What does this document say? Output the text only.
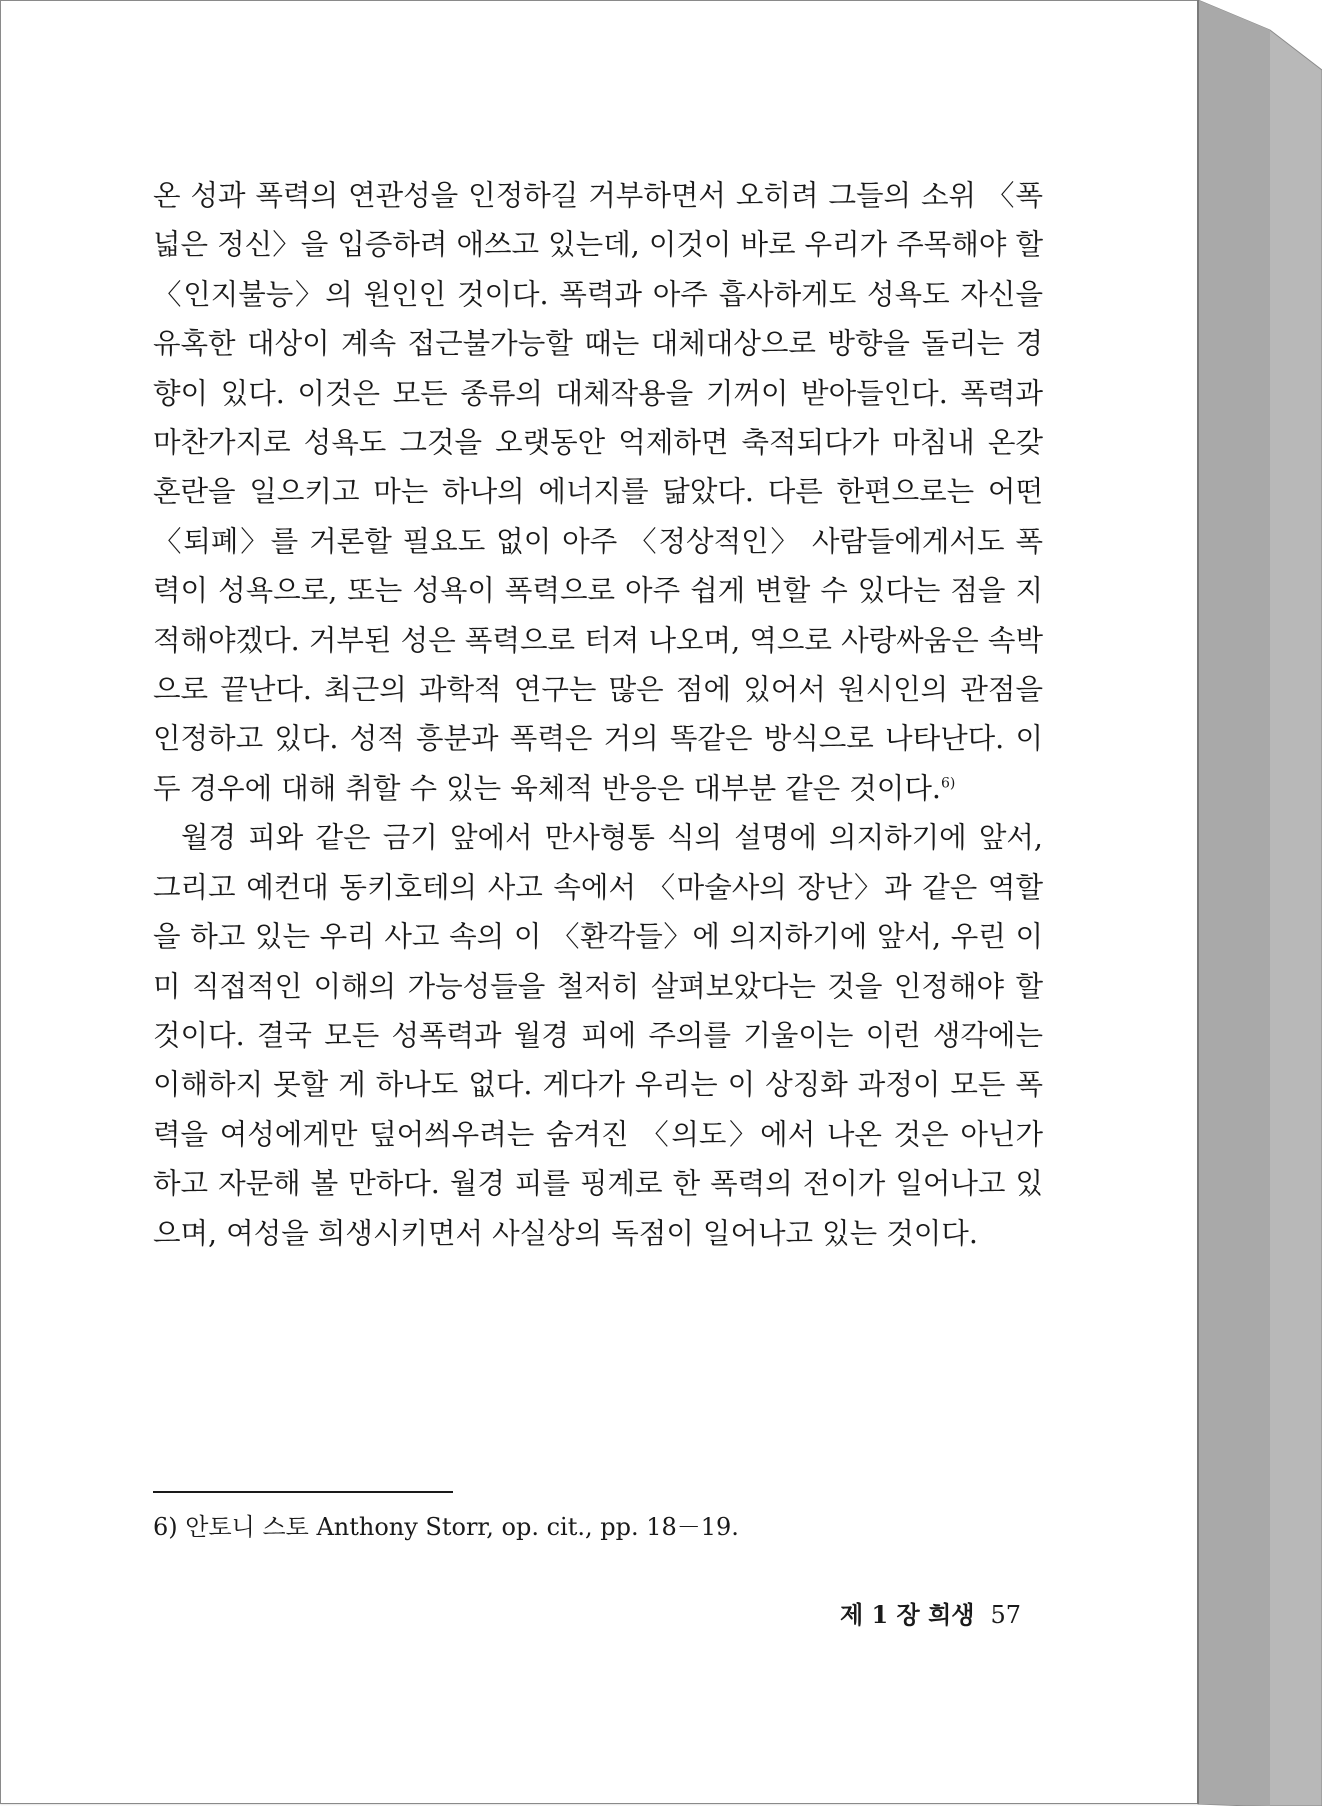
온 성과 폭력의 연관성을 인정하길 거부하면서 오히려 그들의 소위 〈폭넓은 정신〉을 입증하려 애쓰고 있는데, 이것이 바로 우리가 주목해야 할 〈인지불능〉의 원인인 것이다. 폭력과 아주 흡사하게도 성욕도 자신을 유혹한 대상이 계속 접근불가능할 때는 대체대상으로 방향을 돌리는 경향이 있다. 이것은 모든 종류의 대체작용을 기꺼이 받아들인다. 폭력과 마찬가지로 성욕도 그것을 오랫동안 억제하면 축적되다가 마침내 온갖 혼란을 일으키고 마는 하나의 에너지를 닮았다. 다른 한편으로는 어떤 〈퇴폐〉를 거론할 필요도 없이 아주 〈정상적인〉 사람들에게서도 폭력이 성욕으로, 또는 성욕이 폭력으로 아주 쉽게 변할 수 있다는 점을 지적해야겠다. 거부된 성은 폭력으로 터져 나오며, 역으로 사랑싸움은 속박으로 끝난다. 최근의 과학적 연구는 많은 점에 있어서 원시인의 관점을 인정하고 있다. 성적 흥분과 폭력은 거의 똑같은 방식으로 나타난다. 이 두 경우에 대해 취할 수 있는 육체적 반응은 대부분 같은 것이다.$^{6)}$

월경 피와 같은 금기 앞에서 만사형통 식의 설명에 의지하기에 앞서, 그리고 예컨대 동키호테의 사고 속에서 〈마술사의 장난〉과 같은 역할을 하고 있는 우리 사고 속의 이 〈환각들〉에 의지하기에 앞서, 우린 이미 직접적인 이해의 가능성들을 철저히 살펴보았다는 것을 인정해야 할 것이다. 결국 모든 성폭력과 월경 피에 주의를 기울이는 이런 생각에는 이해하지 못할 게 하나도 없다. 게다가 우리는 이 상징화 과정이 모든 폭력을 여성에게만 덮어씌우려는 숨겨진 〈의도〉에서 나온 것은 아닌가 하고 자문해 볼 만하다. 월경 피를 핑계로 한 폭력의 전이가 일어나고 있으며, 여성을 희생시키면서 사실상의 독점이 일어나고 있는 것이다.

6) 안토니 스토 Anthony Storr, op. cit., pp. 18－19.
제 1 장 희생 57
